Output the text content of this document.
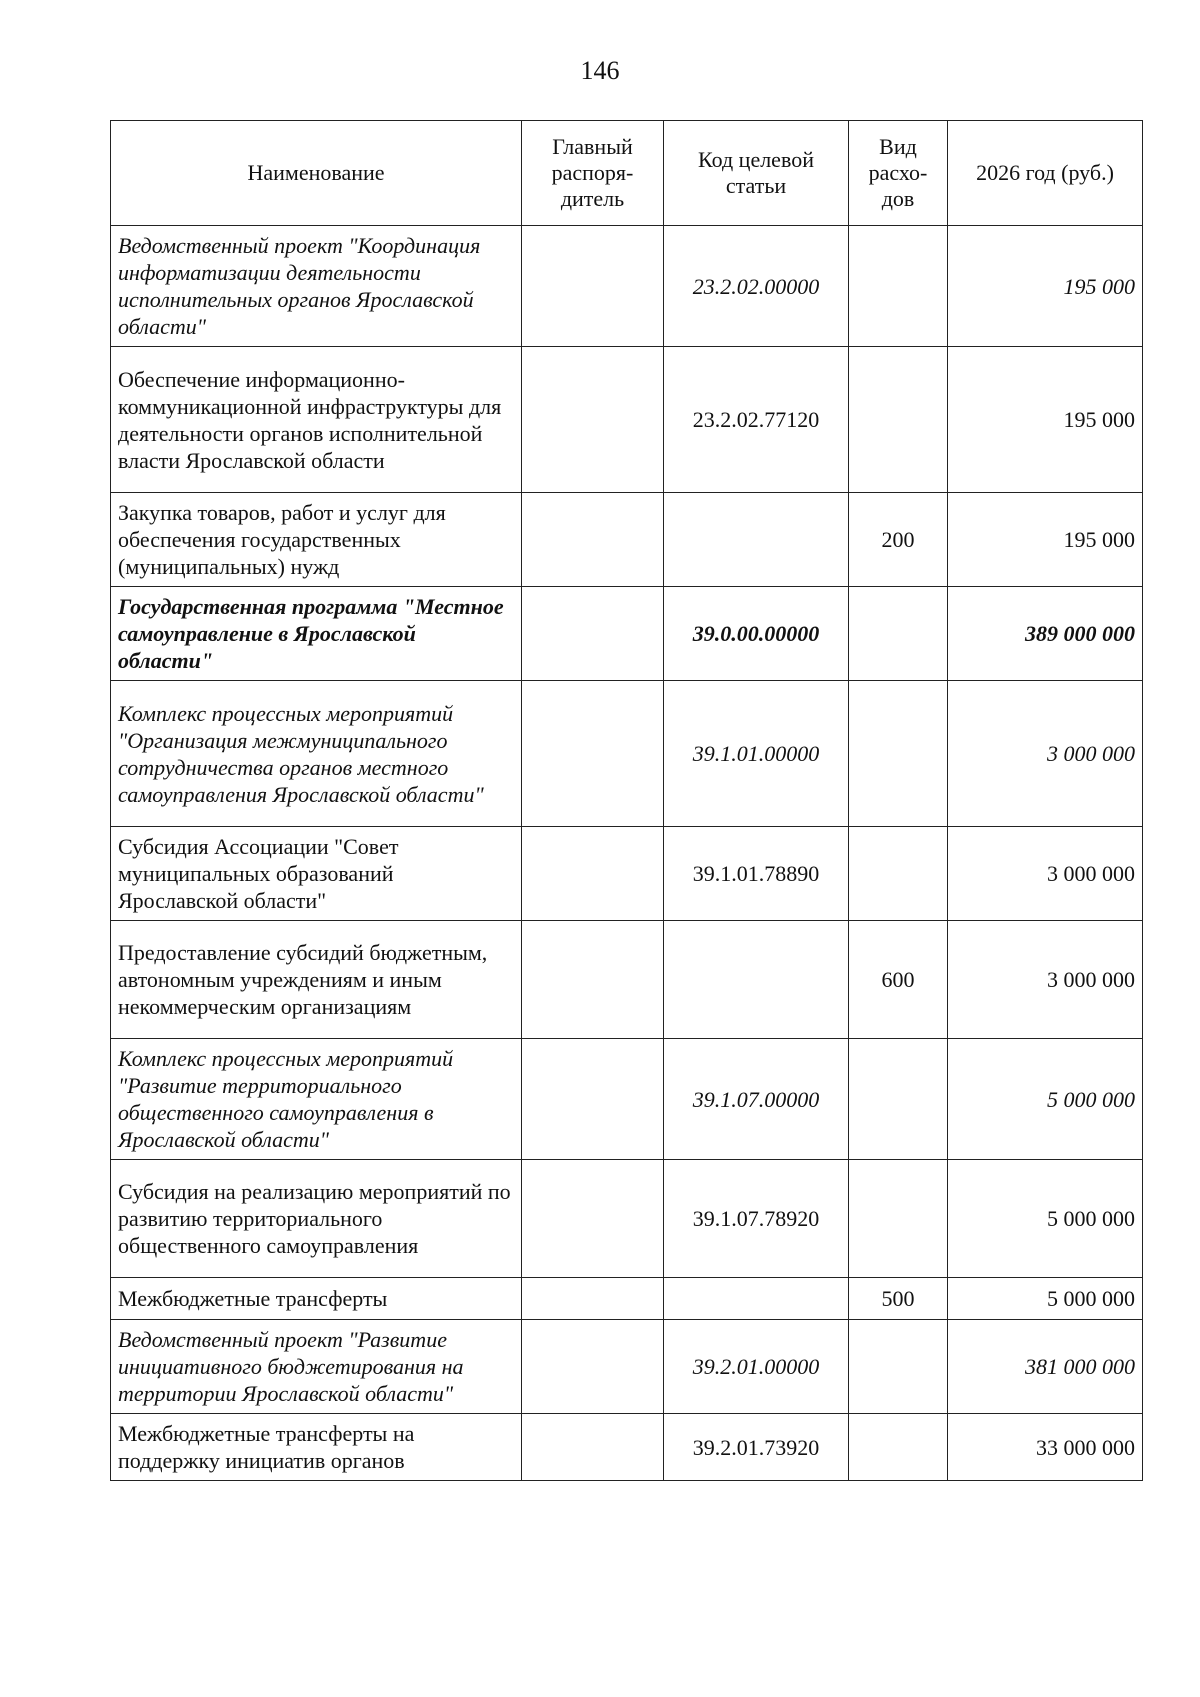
146
Наименование	Главный распоря-дитель	Код целевой статьи	Вид расхо-дов	2026 год (руб.)
Ведомственный проект "Координация информатизации деятельности исполнительных органов Ярославской области"		23.2.02.00000		195 000
Обеспечение информационно-коммуникационной инфраструктуры для деятельности органов исполнительной власти Ярославской области		23.2.02.77120		195 000
Закупка товаров, работ и услуг для обеспечения государственных (муниципальных) нужд			200	195 000
Государственная программа "Местное самоуправление в Ярославской области"		39.0.00.00000		389 000 000
Комплекс процессных мероприятий "Организация межмуниципального сотрудничества органов местного самоуправления Ярославской области"		39.1.01.00000		3 000 000
Субсидия Ассоциации "Совет муниципальных образований Ярославской области"		39.1.01.78890		3 000 000
Предоставление субсидий бюджетным, автономным учреждениям и иным некоммерческим организациям			600	3 000 000
Комплекс процессных мероприятий "Развитие территориального общественного самоуправления в Ярославской области"		39.1.07.00000		5 000 000
Субсидия на реализацию мероприятий по развитию территориального общественного самоуправления		39.1.07.78920		5 000 000
Межбюджетные трансферты			500	5 000 000
Ведомственный проект "Развитие инициативного бюджетирования на территории Ярославской области"		39.2.01.00000		381 000 000
Межбюджетные трансферты на поддержку инициатив органов		39.2.01.73920		33 000 000
